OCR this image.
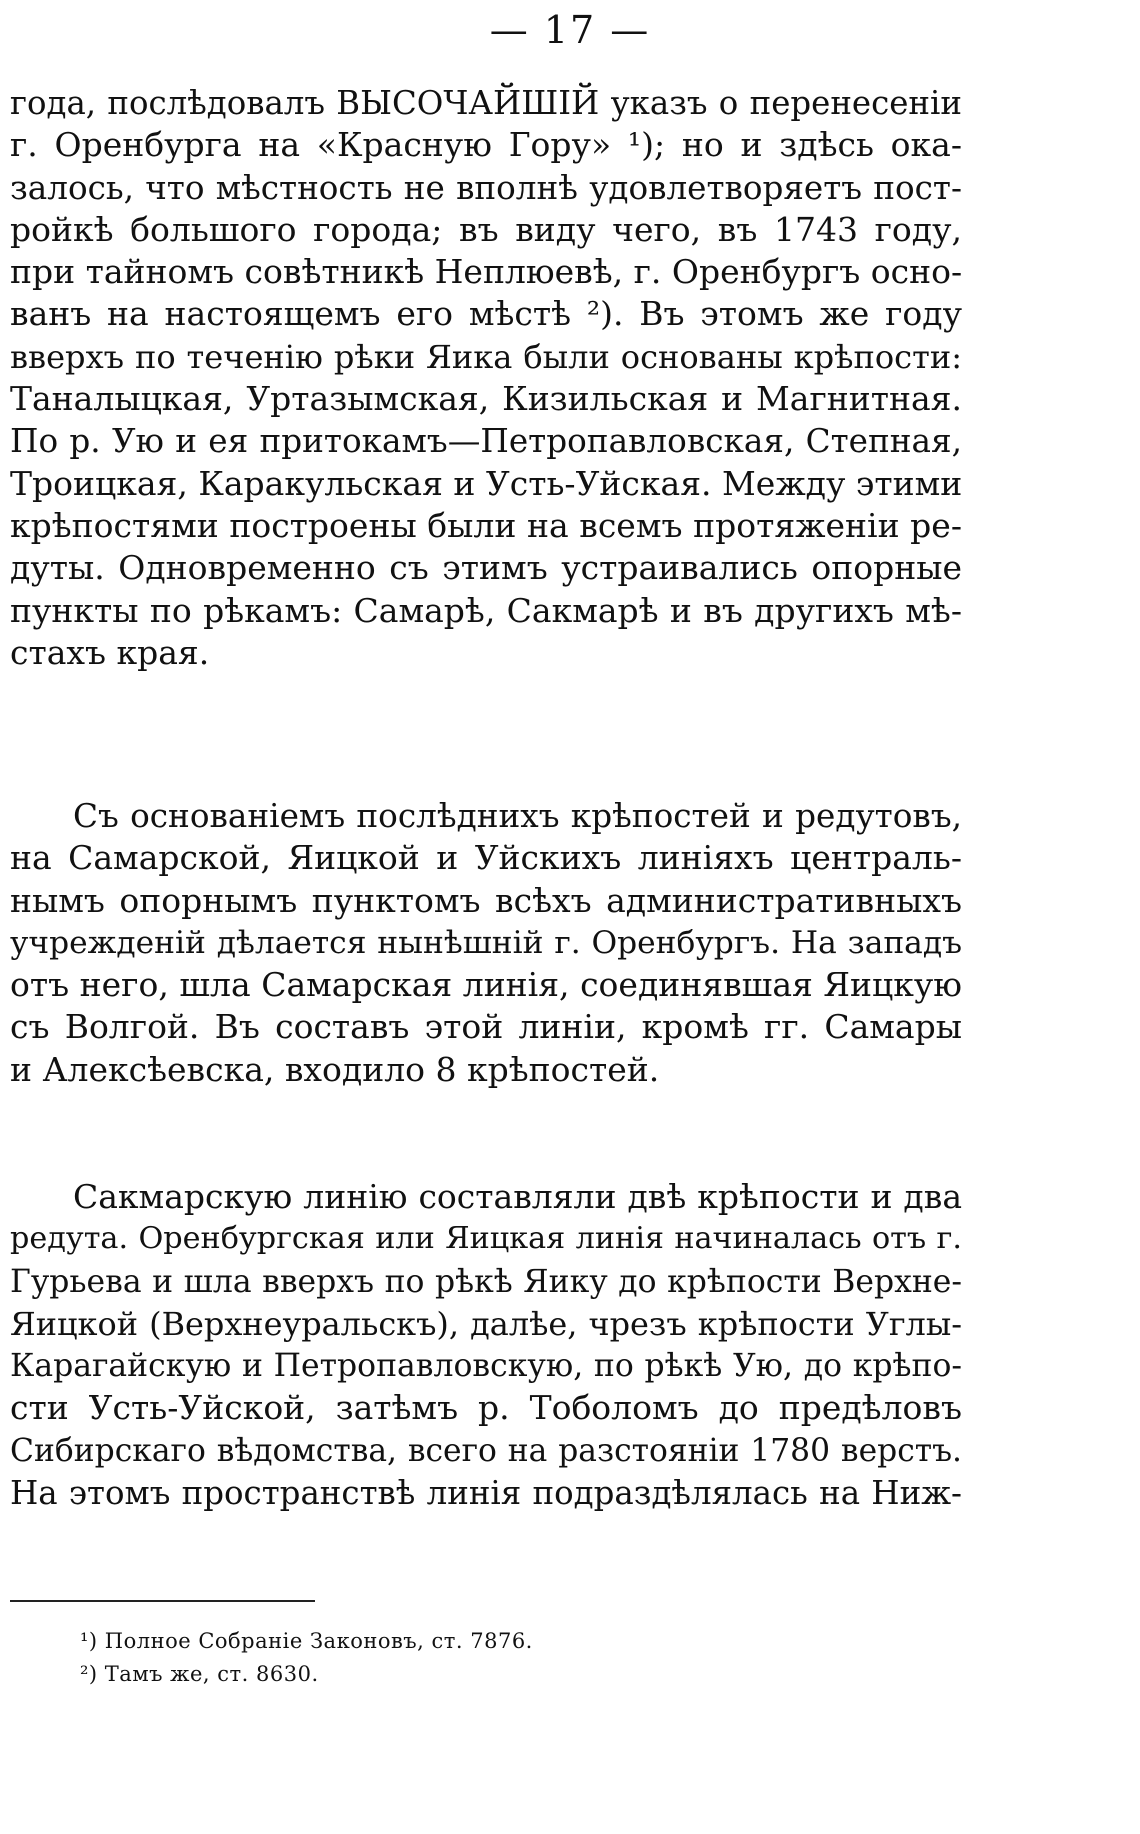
— 17 —
года, послѣдовалъ ВЫСОЧАЙШІЙ указъ о перенесеніи
г. Оренбурга на «Красную Гору» ¹); но и здѣсь ока-
залось, что мѣстность не вполнѣ удовлетворяетъ пост-
ройкѣ большого города; въ виду чего, въ 1743 году,
при тайномъ совѣтникѣ Неплюевѣ, г. Оренбургъ осно-
ванъ на настоящемъ его мѣстѣ ²). Въ этомъ же году
вверхъ по теченію рѣки Яика были основаны крѣпости:
Таналыцкая, Уртазымская, Кизильская и Магнитная.
По р. Ую и ея притокамъ—Петропавловская, Степная,
Троицкая, Каракульская и Усть-Уйская. Между этими
крѣпостями построены были на всемъ протяженіи ре-
дуты. Одновременно съ этимъ устраивались опорные
пункты по рѣкамъ: Самарѣ, Сакмарѣ и въ другихъ мѣ-
стахъ края.
Съ основаніемъ послѣднихъ крѣпостей и редутовъ,
на Самарской, Яицкой и Уйскихъ линіяхъ централь-
нымъ опорнымъ пунктомъ всѣхъ административныхъ
учрежденій дѣлается нынѣшній г. Оренбургъ. На западъ
отъ него, шла Самарская линія, соединявшая Яицкую
съ Волгой. Въ составъ этой линіи, кромѣ гг. Самары
и Алексѣевска, входило 8 крѣпостей.
Сакмарскую линію составляли двѣ крѣпости и два
редута. Оренбургская или Яицкая линія начиналась отъ г.
Гурьева и шла вверхъ по рѣкѣ Яику до крѣпости Верхне-
Яицкой (Верхнеуральскъ), далѣе, чрезъ крѣпости Углы-
Карагайскую и Петропавловскую, по рѣкѣ Ую, до крѣпо-
сти Усть-Уйской, затѣмъ р. Тоболомъ до предѣловъ
Сибирскаго вѣдомства, всего на разстояніи 1780 верстъ.
На этомъ пространствѣ линія подраздѣлялась на Ниж-
¹) Полное Собраніе Законовъ, ст. 7876.
²) Тамъ же, ст. 8630.
